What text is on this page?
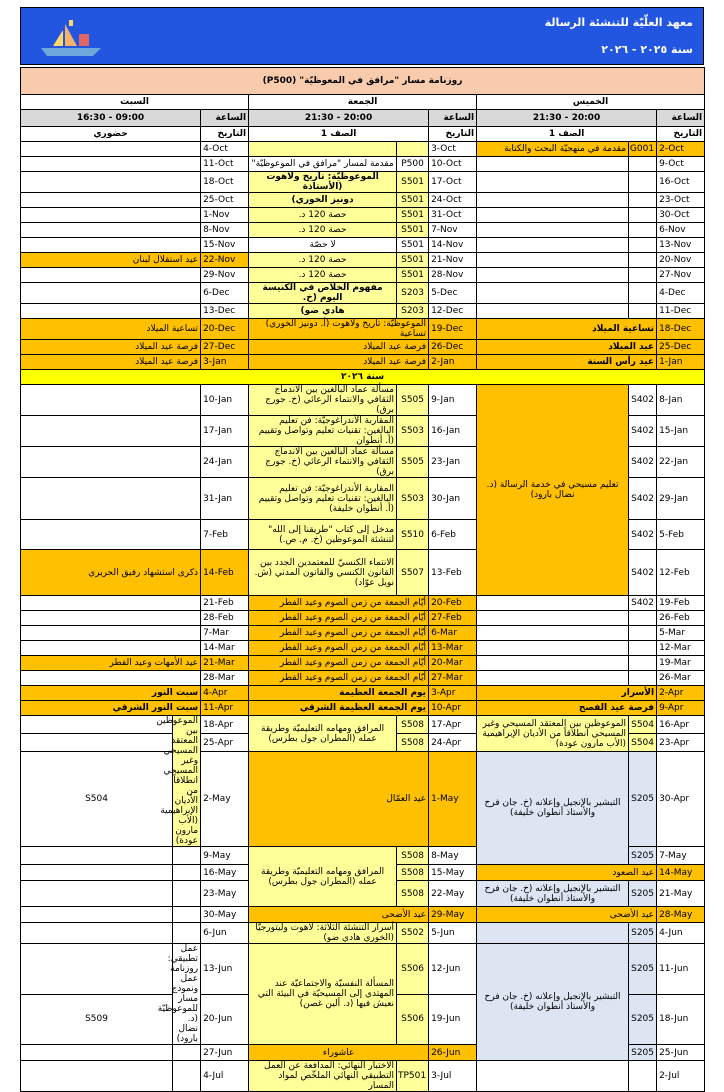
معهد العلّيّة للتنشئة الرسالة
سنة ٢٠٢٥ - ٢٠٢٦
روزنامة مسار "مرافق في المعوظيّة" (P500)								
الخميس			الجمعة			السبت		
الساعة	20:00 - 21:30		الساعة	20:00 - 21:30		الساعة	09:00 - 16:30	
التاريخ	الصف 1		التاريخ	الصف 1		التاريخ	حضوري	
2-Oct	G001	مقدمة في منهجيّة البحث والكتابة	3-Oct			4-Oct		
9-Oct			10-Oct	P500	مقدمة لمسار "مرافق في الموعوظيّة"	11-Oct		
16-Oct			17-Oct	S501	الموعوظيّة: تاريخ ولاهوت (الأستاذة	18-Oct		
23-Oct			24-Oct	S501	دونيز الخوري)	25-Oct		
30-Oct			31-Oct	S501	حصة 120 د.	1-Nov		
6-Nov			7-Nov	S501	حصة 120 د.	8-Nov		
13-Nov			14-Nov	S501	لا حصّة	15-Nov		
20-Nov			21-Nov	S501	حصة 120 د.	22-Nov	عيد استقلال لبنان	
27-Nov			28-Nov	S501	حصة 120 د.	29-Nov		
4-Dec			5-Dec	S203	مفهوم الخلاص في الكنيسة اليوم (خ.	6-Dec		
11-Dec			12-Dec	S203	هادي ضو)	13-Dec		
18-Dec	تساعية الميلاد		19-Dec	الموعوظيّة: تاريخ ولاهوت (أ. دونيز الخوري) تساعية		20-Dec	تساعية الميلاد	
25-Dec	عيد الميلاد		26-Dec	فرصة عيد الميلاد		27-Dec	فرصة عيد الميلاد	
1-Jan	عيد رأس السنة		2-Jan	فرصة عيد الميلاد		3-Jan	فرصة عيد الميلاد	
سنة ٢٠٢٦								
8-Jan	S402	تعليم مسيحي في خدمة الرسالة (د. نضال بارود)	9-Jan	S505	مسألة عماد البالغين بين الاندماج الثقافي والانتماء الرعائي (خ. جورج برق)	10-Jan		
15-Jan	S402		16-Jan	S503	المقاربة الأندراغوجيّة: فن تعليم البالغين: تقنيات تعليم وتواصل وتقييم (أ. أنطوان	17-Jan		
22-Jan	S402		23-Jan	S505	مسألة عماد البالغين بين الاندماج الثقافي والانتماء الرعائي (خ. جورج برق)	24-Jan		
29-Jan	S402		30-Jan	S503	المقاربة الأندراغوجيّة: فن تعليم البالغين: تقنيات تعليم وتواصل وتقييم (أ. أنطوان خليفة)	31-Jan		
5-Feb	S402		6-Feb	S510	مدخل إلى كتاب "طريقنا إلى الله" لتنشئة الموعوظين (خ. م. ص.)	7-Feb		
12-Feb	S402		13-Feb	S507	الانتماء الكنسيّ للمعتمدين الجدد بين القانون الكنسي والقانون المدني (ش. نويل عوّاد)	14-Feb	ذكرى استشهاد رفيق الحريري	
19-Feb	S402		20-Feb	أيّام الجمعة من زمن الصوم وعيد الفطر		21-Feb		
26-Feb			27-Feb	أيّام الجمعة من زمن الصوم وعيد الفطر		28-Feb		
5-Mar			6-Mar	أيّام الجمعة من زمن الصوم وعيد الفطر		7-Mar		
12-Mar			13-Mar	أيّام الجمعة من زمن الصوم وعيد الفطر		14-Mar		
19-Mar			20-Mar	أيّام الجمعة من زمن الصوم وعيد الفطر		21-Mar	عيد الأمهات وعيد الفطر	
26-Mar			27-Mar	أيّام الجمعة من زمن الصوم وعيد الفطر		28-Mar		
2-Apr	الأسرار		3-Apr	يوم الجمعة العظيمة		4-Apr	سبت النور	
9-Apr	فرصة عيد الفصح		10-Apr	يوم الجمعة العظيمة الشرقي		11-Apr	سبت النور الشرقي	
16-Apr	S504	الموعوظين بين المعتقد المسيحي وغير المسيحي انطلاقاً من الأديان الإبراهيمية (الأب مارون عودة)	17-Apr	S508	المرافق ومهامه التعليميّة وطريقة عمله (المطران جول بطرس)	18-Apr	الموعوظين بين المعتقد المسيحي وغير المسيحي انطلاقاً من الأديان الإبراهيمية (الأب مارون عودة)	
23-Apr	S504		24-Apr	S508		25-Apr		
30-Apr	S205	التبشير بالإنجيل وإعلانه (خ. جان فرح والأستاذ أنطوان خليفة)	1-May	عيد العمّال		2-May		S504
7-May	S205		8-May	S508	المرافق ومهامه التعليميّة وطريقة عمله (المطران جول بطرس)	9-May		
14-May	عيد الصعود		15-May	S508		16-May		
21-May	S205	التبشير بالإنجيل وإعلانه (خ. جان فرح والأستاذ أنطوان خليفة)	22-May	S508		23-May		
28-May	عيد الأضحى		29-May	عيد الأضحى		30-May		
4-Jun	S205		5-Jun	S502	أسرار التنشئة الثلاثة: لاهوت وليتورجيّا (الخوري هادي ضو)	6-Jun		
11-Jun	S205	التبشير بالإنجيل وإعلانه (خ. جان فرح والأستاذ أنطوان خليفة)	12-Jun	S506	المسألة النفسيّة والاجتماعيّة عند المهتدي إلى المسيحيّة في البيئة التي نعيش فيها (د. ألين غصن)	13-Jun	عمل تطبيقي: روزنامة عمل ونموذج مسار للموعوظيّة (د. نضال بارود)	
18-Jun	S205		19-Jun	S506		20-Jun		S509
25-Jun	S205		26-Jun	عاشوراء		27-Jun		
2-Jul			3-Jul	TP501	الاختبار النهائي: المدافعة عن العمل التطبيقي النهائي الملخّص لمواد المسار	4-Jul		
